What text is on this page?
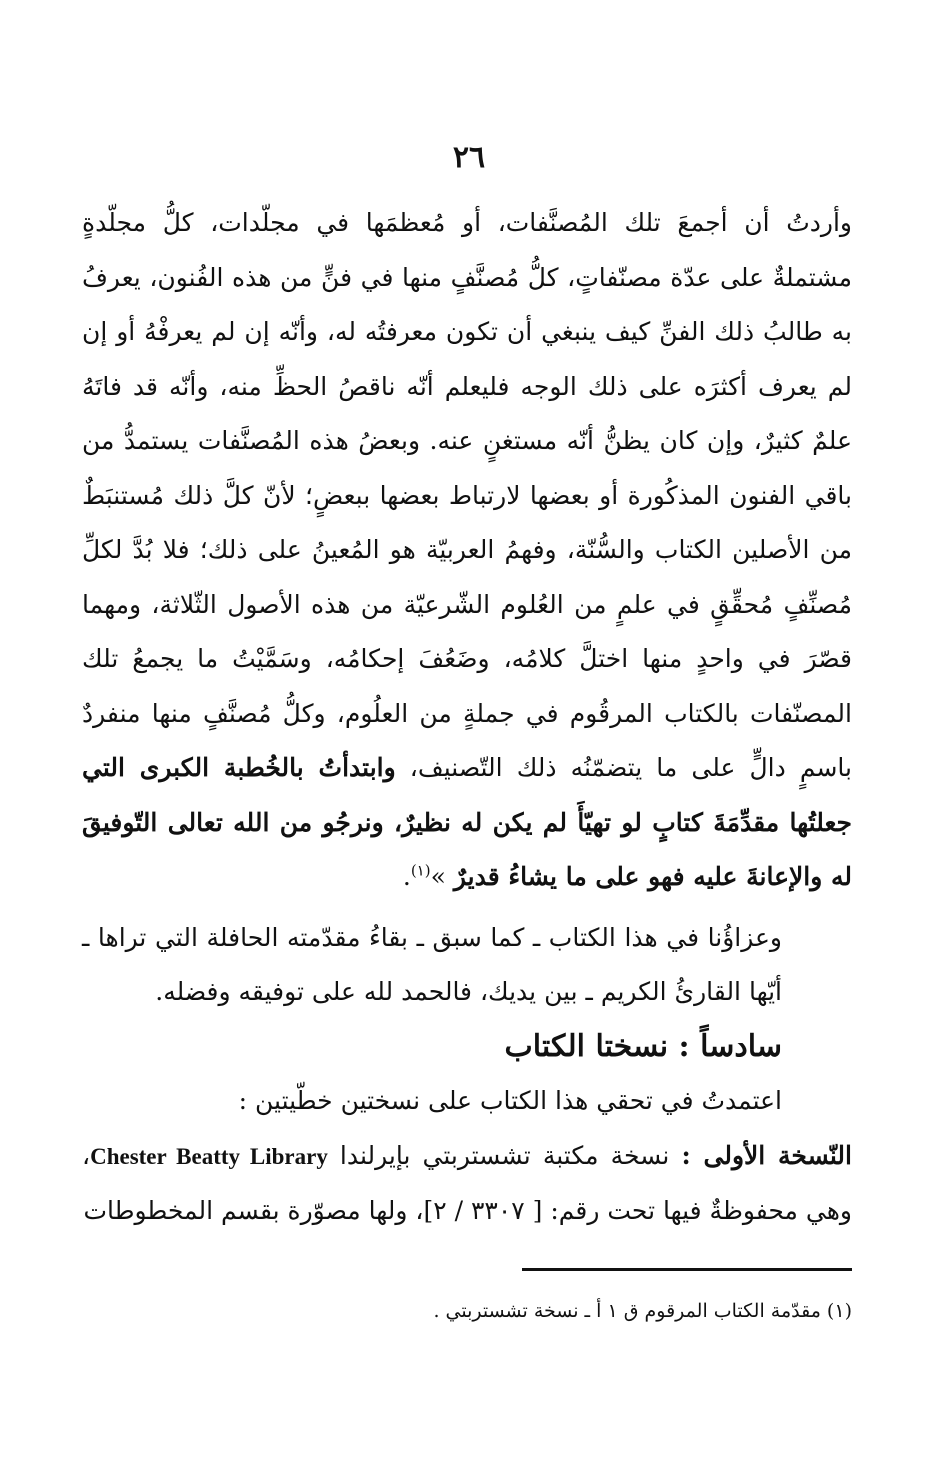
٢٦

وأردتُ أن أجمعَ تلك المُصنَّفات، أو مُعظمَها في مجلّدات، كلُّ مجلّدةٍ مشتملةٌ على عدّة مصنّفاتٍ، كلُّ مُصنَّفٍ منها في فنٍّ من هذه الفُنون، يعرفُ به طالبُ ذلك الفنِّ كيف ينبغي أن تكون معرفتُه له، وأنّه إن لم يعرفْهُ أو إن لم يعرف أكثرَه على ذلك الوجه فليعلم أنّه ناقصُ الحظِّ منه، وأنّه قد فاتَهُ علمٌ كثيرٌ، وإن كان يظنُّ أنّه مستغنٍ عنه. وبعضُ هذه المُصنَّفات يستمدُّ من باقي الفنون المذكُورة أو بعضها لارتباط بعضها ببعضٍ؛ لأنّ كلَّ ذلك مُستنبَطٌ من الأصلين الكتاب والسُّنّة، وفهمُ العربيّة هو المُعينُ على ذلك؛ فلا بُدَّ لكلِّ مُصنِّفٍ مُحقِّقٍ في علمٍ من العُلوم الشّرعيّة من هذه الأصول الثّلاثة، ومهما قصّرَ في واحدٍ منها اختلَّ كلامُه، وضَعُفَ إحكامُه، وسَمَّيْتُ ما يجمعُ تلك المصنّفات بالكتاب المرقُوم في جملةٍ من العلُوم، وكلُّ مُصنَّفٍ منها منفردٌ باسمٍ دالٍّ على ما يتضمّنُه ذلك التّصنيف، وابتدأتُ بالخُطبة الكبرى التي جعلتُها مقدِّمَةَ كتابٍ لو تهيّأَ لم يكن له نظيرٌ، ونرجُو من الله تعالى التّوفيقَ له والإعانةَ عليه فهو على ما يشاءُ قديرٌ »$^{(١)}$.

وعزاؤُنا في هذا الكتاب ـ كما سبق ـ بقاءُ مقدّمته الحافلة التي تراها ـ أيّها القارئُ الكريم ـ بين يديك، فالحمد لله على توفيقه وفضله.

سادساً : نسختا الكتاب

اعتمدتُ في تحقي هذا الكتاب على نسختين خطّيتين :

النّسخة الأولى : نسخة مكتبة تشستربتي بإيرلندا Chester Beatty Library، وهي محفوظةٌ فيها تحت رقم: [ ٣٣٠٧ / ٢]، ولها مصوّرة بقسم المخطوطات

(١) مقدّمة الكتاب المرقوم ق ١ أ ـ نسخة تشستربتي .
